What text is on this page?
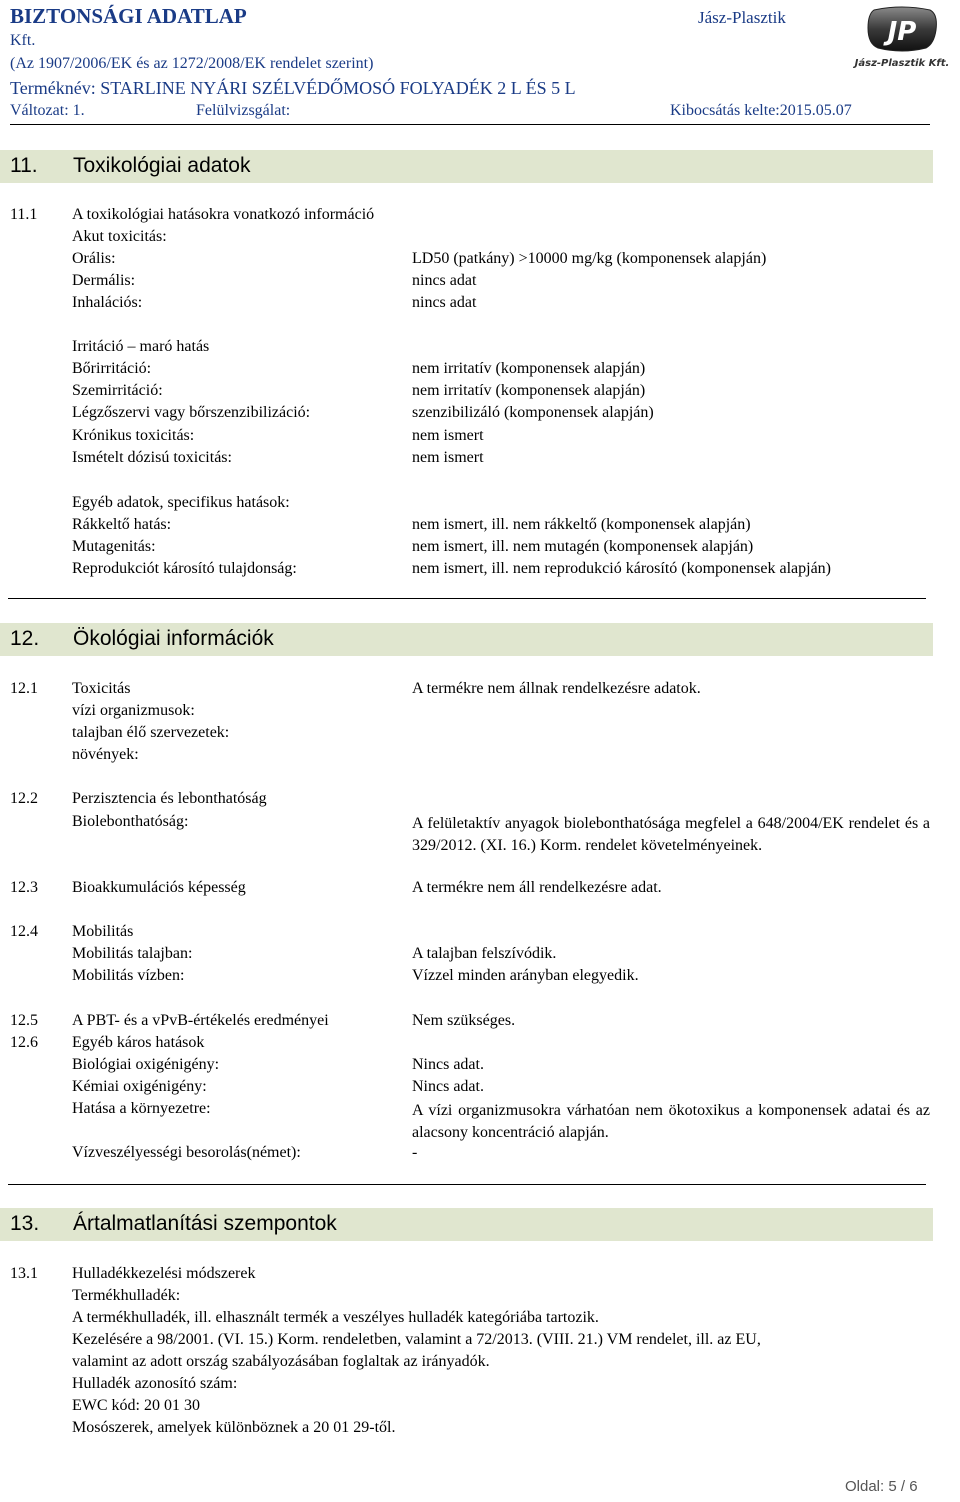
BIZTONSÁGI ADATLAP	Jász-Plasztik
Kft.
(Az 1907/2006/EK és az 1272/2008/EK rendelet szerint)
Terméknév: STARLINE NYÁRI SZÉLVÉDŐMOSÓ FOLYADÉK 2 L ÉS 5 L
Változat: 1.	Felülvizsgálat:	Kibocsátás kelte:2015.05.07
JP
Jász-Plasztik Kft.
11. Toxikológiai adatok
11.1 A toxikológiai hatásokra vonatkozó információ
Akut toxicitás:
Orális:	LD50 (patkány) >10000 mg/kg (komponensek alapján)
Dermális:	nincs adat
Inhalációs:	nincs adat
Irritáció – maró hatás
Bőrirritáció:	nem irritatív (komponensek alapján)
Szemirritáció:	nem irritatív (komponensek alapján)
Légzőszervi vagy bőrszenzibilizáció:	szenzibilizáló (komponensek alapján)
Krónikus toxicitás:	nem ismert
Ismételt dózisú toxicitás:	nem ismert
Egyéb adatok, specifikus hatások:
Rákkeltő hatás:	nem ismert, ill. nem rákkeltő (komponensek alapján)
Mutagenitás:	nem ismert, ill. nem mutagén (komponensek alapján)
Reprodukciót károsító tulajdonság:	nem ismert, ill. nem reprodukció károsító (komponensek alapján)
12. Ökológiai információk
12.1 Toxicitás	A termékre nem állnak rendelkezésre adatok.
vízi organizmusok:
talajban élő szervezetek:
növények:
12.2 Perzisztencia és lebonthatóság
Biolebonthatóság:	A felületaktív anyagok biolebonthatósága megfelel a 648/2004/EK rendelet és a 329/2012. (XI. 16.) Korm. rendelet követelményeinek.
12.3 Bioakkumulációs képesség	A termékre nem áll rendelkezésre adat.
12.4 Mobilitás
Mobilitás talajban:	A talajban felszívódik.
Mobilitás vízben:	Vízzel minden arányban elegyedik.
12.5 A PBT- és a vPvB-értékelés eredményei	Nem szükséges.
12.6 Egyéb káros hatások
Biológiai oxigénigény:	Nincs adat.
Kémiai oxigénigény:	Nincs adat.
Hatása a környezetre:	A vízi organizmusokra várhatóan nem ökotoxikus a komponensek adatai és az alacsony koncentráció alapján.
Vízveszélyességi besorolás(német):	-
13. Ártalmatlanítási szempontok
13.1 Hulladékkezelési módszerek
Termékhulladék:
A termékhulladék, ill. elhasznált termék a veszélyes hulladék kategóriába tartozik.
Kezelésére a 98/2001. (VI. 15.) Korm. rendeletben, valamint a 72/2013. (VIII. 21.) VM rendelet, ill. az EU,
valamint az adott ország szabályozásában foglaltak az irányadók.
Hulladék azonosító szám:
EWC kód: 20 01 30
Mosószerek, amelyek különböznek a 20 01 29-től.
Oldal: 5 / 6
